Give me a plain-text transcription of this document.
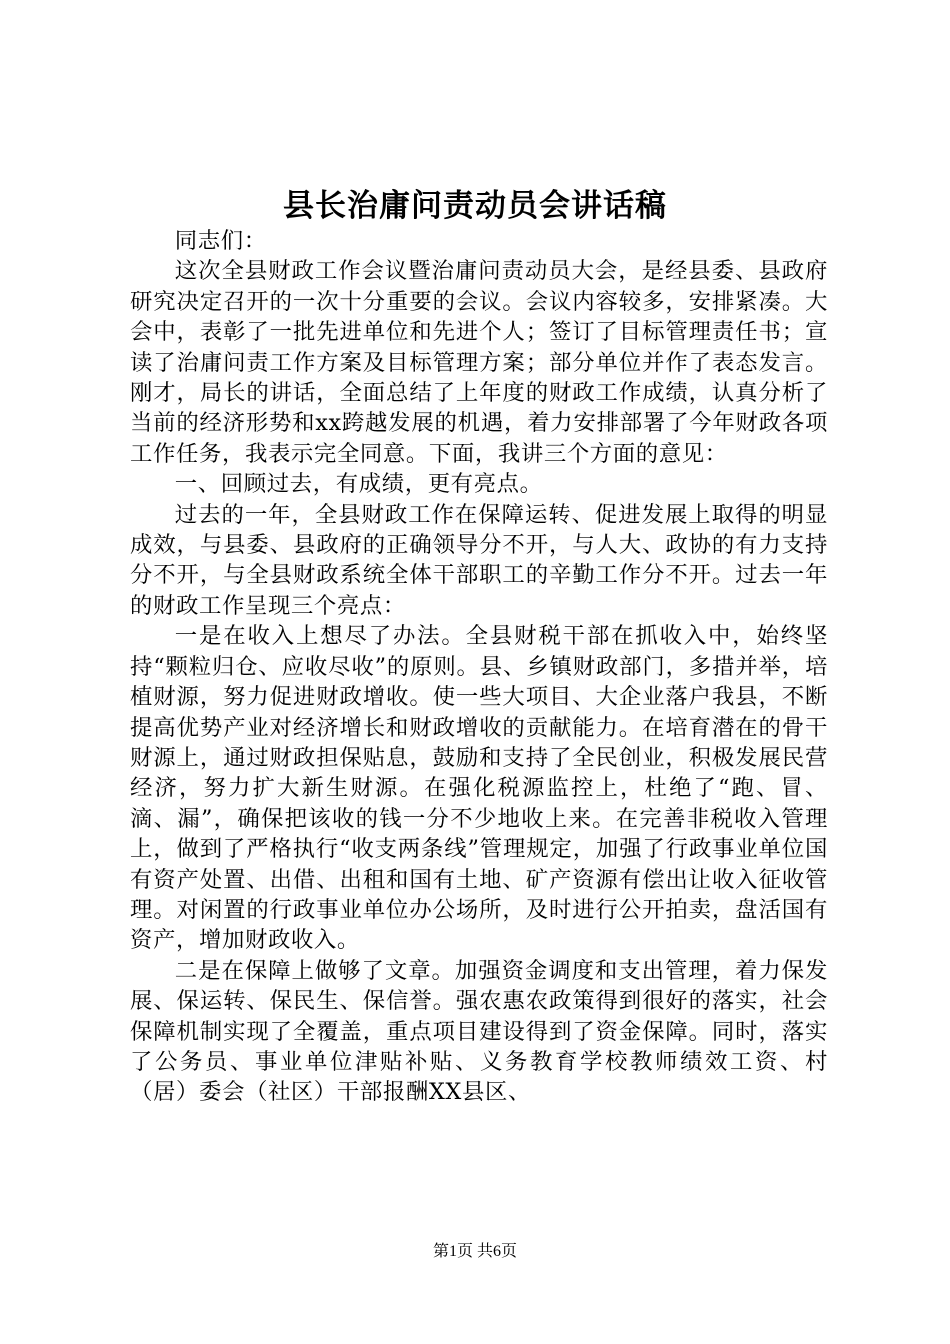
县长治庸问责动员会讲话稿

同志们：

这次全县财政工作会议暨治庸问责动员大会，是经县委、县政府研究决定召开的一次十分重要的会议。会议内容较多，安排紧凑。大会中，表彰了一批先进单位和先进个人；签订了目标管理责任书；宣读了治庸问责工作方案及目标管理方案；部分单位并作了表态发言。刚才，局长的讲话，全面总结了上年度的财政工作成绩，认真分析了当前的经济形势和xx跨越发展的机遇，着力安排部署了今年财政各项工作任务，我表示完全同意。下面，我讲三个方面的意见：

一、回顾过去，有成绩，更有亮点。

过去的一年，全县财政工作在保障运转、促进发展上取得的明显成效，与县委、县政府的正确领导分不开，与人大、政协的有力支持分不开，与全县财政系统全体干部职工的辛勤工作分不开。过去一年的财政工作呈现三个亮点：

一是在收入上想尽了办法。全县财税干部在抓收入中，始终坚持“颗粒归仓、应收尽收”的原则。县、乡镇财政部门，多措并举，培植财源，努力促进财政增收。使一些大项目、大企业落户我县，不断提高优势产业对经济增长和财政增收的贡献能力。在培育潜在的骨干财源上，通过财政担保贴息，鼓励和支持了全民创业，积极发展民营经济，努力扩大新生财源。在强化税源监控上，杜绝了“跑、冒、滴、漏”，确保把该收的钱一分不少地收上来。在完善非税收入管理上，做到了严格执行“收支两条线”管理规定，加强了行政事业单位国有资产处置、出借、出租和国有土地、矿产资源有偿出让收入征收管理。对闲置的行政事业单位办公场所，及时进行公开拍卖，盘活国有资产，增加财政收入。

二是在保障上做够了文章。加强资金调度和支出管理，着力保发展、保运转、保民生、保信誉。强农惠农政策得到很好的落实，社会保障机制实现了全覆盖，重点项目建设得到了资金保障。同时，落实了公务员、事业单位津贴补贴、义务教育学校教师绩效工资、村（居）委会（社区）干部报酬XX县区、

第1页 共6页
